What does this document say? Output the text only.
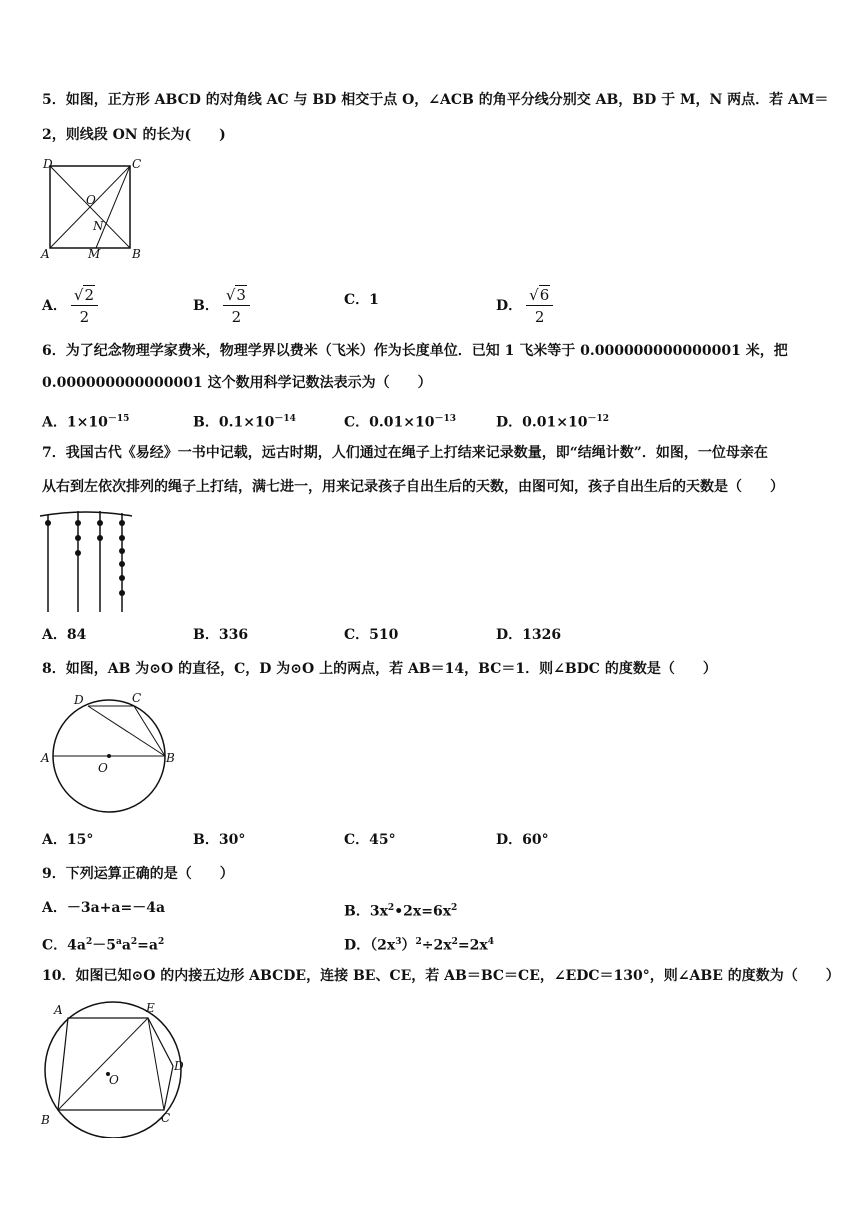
5．如图，正方形 ABCD 的对角线 AC 与 BD 相交于点 O，∠ACB 的角平分线分别交 AB，BD 于 M，N 两点．若 AM＝
2，则线段 ON 的长为(　　)
D	C
O
N
A	M	B
A． $\frac{√2}{2}$	B． $\frac{√3}{2}$	C．1	D． $\frac{√6}{2}$
6．为了纪念物理学家费米，物理学界以费米（飞米）作为长度单位．已知 1 飞米等于 0.000000000000001 米，把
0.000000000000001 这个数用科学记数法表示为（　　）
A．$1\times 10^{-15}$	B．$0.1\times 10^{-14}$	C．$0.01\times 10^{-13}$	D．$0.01\times 10^{-12}$
7．我国古代《易经》一书中记载，远古时期，人们通过在绳子上打结来记录数量，即“结绳计数”．如图，一位母亲在
从右到左依次排列的绳子上打结，满七进一，用来记录孩子自出生后的天数，由图可知，孩子自出生后的天数是（　　）
A．84	B．336	C．510	D．1326
8．如图，AB 为⊙O 的直径，C，D 为⊙O 上的两点，若 AB＝14，BC＝1．则∠BDC 的度数是（　　）
D	C
A
O
B
A．15°	B．30°	C．45°	D．60°
9．下列运算正确的是（　　）
A．－3a+a=－4a	B．$3x^2•2x=6x^2$
C．$4a^2-5^aa^2=a^2$	D．$(2x^3)^2\div 2x^2=2x^4$
10．如图已知⊙O 的内接五边形 ABCDE，连接 BE、CE，若 AB＝BC＝CE，∠EDC＝130°，则∠ABE 的度数为（　　）
A	E
D
O
B	C
